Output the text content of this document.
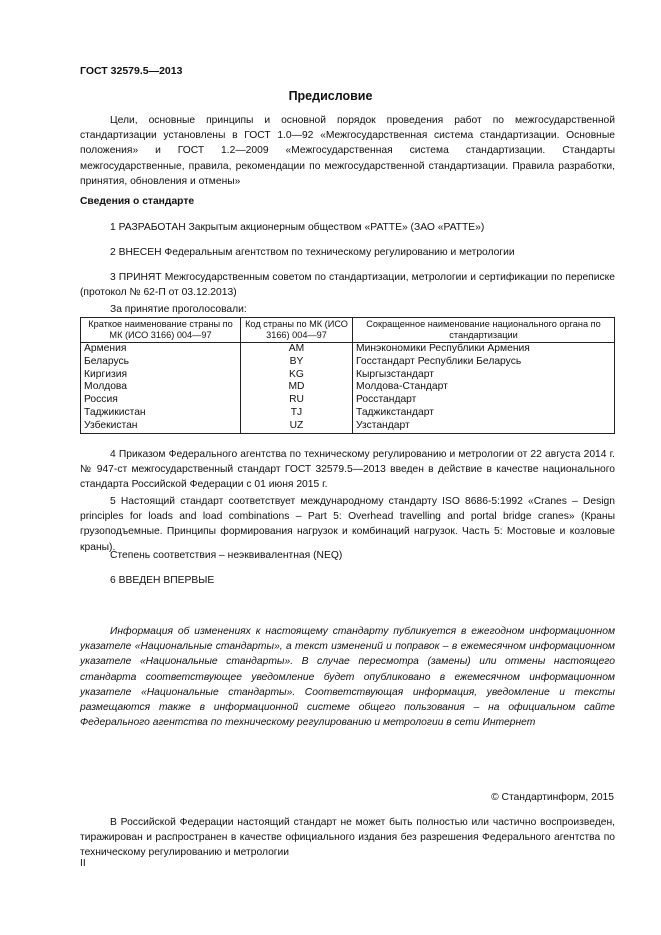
ГОСТ 32579.5—2013
Предисловие
Цели, основные принципы и основной порядок проведения работ по межгосударственной стандартизации установлены в ГОСТ 1.0—92 «Межгосударственная система стандартизации. Основные положения» и ГОСТ 1.2—2009 «Межгосударственная система стандартизации. Стандарты межгосударственные, правила, рекомендации по межгосударственной стандартизации. Правила разработки, принятия, обновления и отмены»
Сведения о стандарте
1 РАЗРАБОТАН Закрытым акционерным обществом «РАТТЕ» (ЗАО «РАТТЕ»)
2 ВНЕСЕН Федеральным агентством по техническому регулированию и метрологии
3 ПРИНЯТ Межгосударственным советом по стандартизации, метрологии и сертификации по переписке (протокол № 62-П от 03.12.2013)
За принятие проголосовали:
Краткое наименование страны по МК (ИСО 3166) 004—97	Код страны по МК (ИСО 3166) 004—97	Сокращенное наименование национального органа по стандартизации
Армения	AM	Минэкономики Республики Армения
Беларусь	BY	Госстандарт Республики Беларусь
Киргизия	KG	Кыргызстандарт
Молдова	MD	Молдова-Стандарт
Россия	RU	Росстандарт
Таджикистан	TJ	Таджикстандарт
Узбекистан	UZ	Узстандарт
4 Приказом Федерального агентства по техническому регулированию и метрологии от 22 августа 2014 г. № 947-ст межгосударственный стандарт ГОСТ 32579.5—2013 введен в действие в качестве национального стандарта Российской Федерации с 01 июня 2015 г.
5 Настоящий стандарт соответствует международному стандарту ISO 8686-5:1992 «Cranes – Design principles for loads and load combinations – Part 5: Overhead travelling and portal bridge cranes» (Краны грузоподъемные. Принципы формирования нагрузок и комбинаций нагрузок. Часть 5: Мостовые и козловые краны).
Степень соответствия – неэквивалентная (NEQ)
6 ВВЕДЕН ВПЕРВЫЕ
Информация об изменениях к настоящему стандарту публикуется в ежегодном информационном указателе «Национальные стандарты», а текст изменений и поправок – в ежемесячном информационном указателе «Национальные стандарты». В случае пересмотра (замены) или отмены настоящего стандарта соответствующее уведомление будет опубликовано в ежемесячном информационном указателе «Национальные стандарты». Соответствующая информация, уведомление и тексты размещаются также в информационной системе общего пользования – на официальном сайте Федерального агентства по техническому регулированию и метрологии в сети Интернет
© Стандартинформ, 2015
В Российской Федерации настоящий стандарт не может быть полностью или частично воспроизведен, тиражирован и распространен в качестве официального издания без разрешения Федерального агентства по техническому регулированию и метрологии
II
